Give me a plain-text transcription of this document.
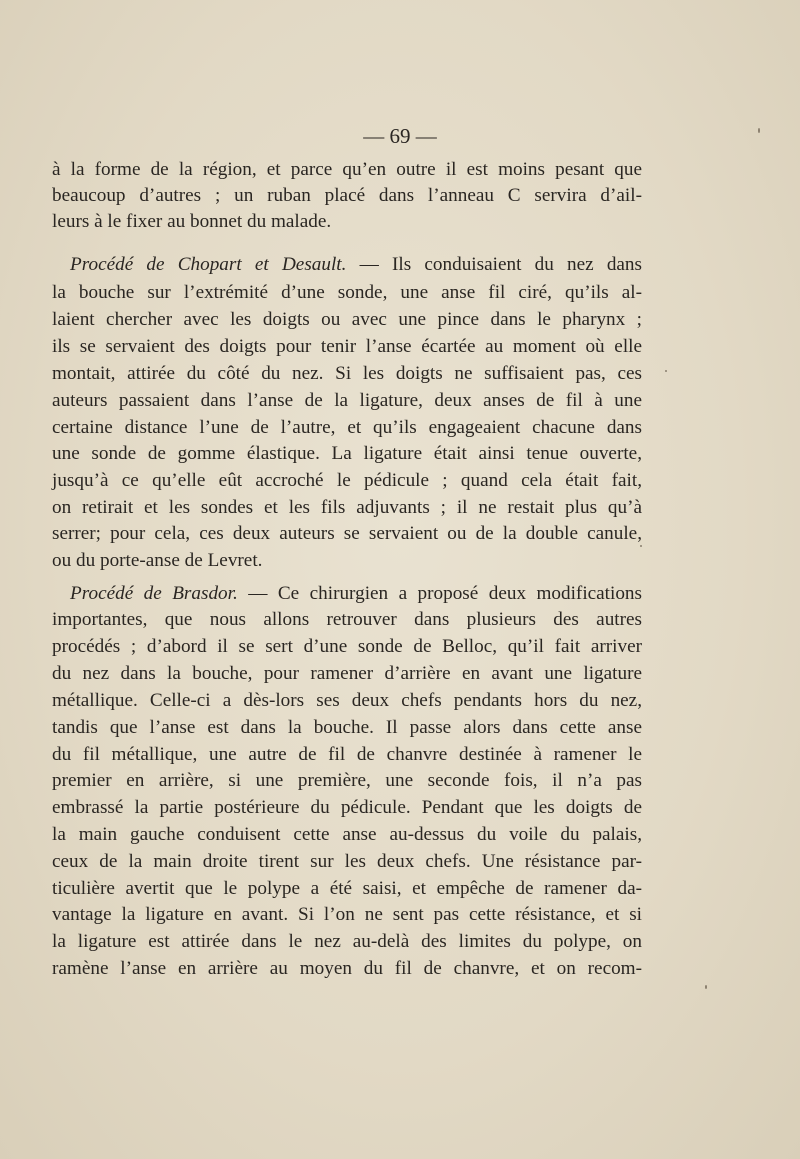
— 69 —
à la forme de la région, et parce qu’en outre il est moins pesant que
beaucoup d’autres ; un ruban placé dans l’anneau C servira d’ail-
leurs à le fixer au bonnet du malade.
Procédé de Chopart et Desault. — Ils conduisaient du nez dans
la bouche sur l’extrémité d’une sonde, une anse fil ciré, qu’ils al-
laient chercher avec les doigts ou avec une pince dans le pharynx ;
ils se servaient des doigts pour tenir l’anse écartée au moment où elle
montait, attirée du côté du nez. Si les doigts ne suffisaient pas, ces
auteurs passaient dans l’anse de la ligature, deux anses de fil à une
certaine distance l’une de l’autre, et qu’ils engageaient chacune dans
une sonde de gomme élastique. La ligature était ainsi tenue ouverte,
jusqu’à ce qu’elle eût accroché le pédicule ; quand cela était fait,
on retirait et les sondes et les fils adjuvants ; il ne restait plus qu’à
serrer; pour cela, ces deux auteurs se servaient ou de la double canule,
ou du porte-anse de Levret.
Procédé de Brasdor. — Ce chirurgien a proposé deux modifications
importantes, que nous allons retrouver dans plusieurs des autres
procédés ; d’abord il se sert d’une sonde de Belloc, qu’il fait arriver
du nez dans la bouche, pour ramener d’arrière en avant une ligature
métallique. Celle-ci a dès-lors ses deux chefs pendants hors du nez,
tandis que l’anse est dans la bouche. Il passe alors dans cette anse
du fil métallique, une autre de fil de chanvre destinée à ramener le
premier en arrière, si une première, une seconde fois, il n’a pas
embrassé la partie postérieure du pédicule. Pendant que les doigts de
la main gauche conduisent cette anse au-dessus du voile du palais,
ceux de la main droite tirent sur les deux chefs. Une résistance par-
ticulière avertit que le polype a été saisi, et empêche de ramener da-
vantage la ligature en avant. Si l’on ne sent pas cette résistance, et si
la ligature est attirée dans le nez au-delà des limites du polype, on
ramène l’anse en arrière au moyen du fil de chanvre, et on recom-
